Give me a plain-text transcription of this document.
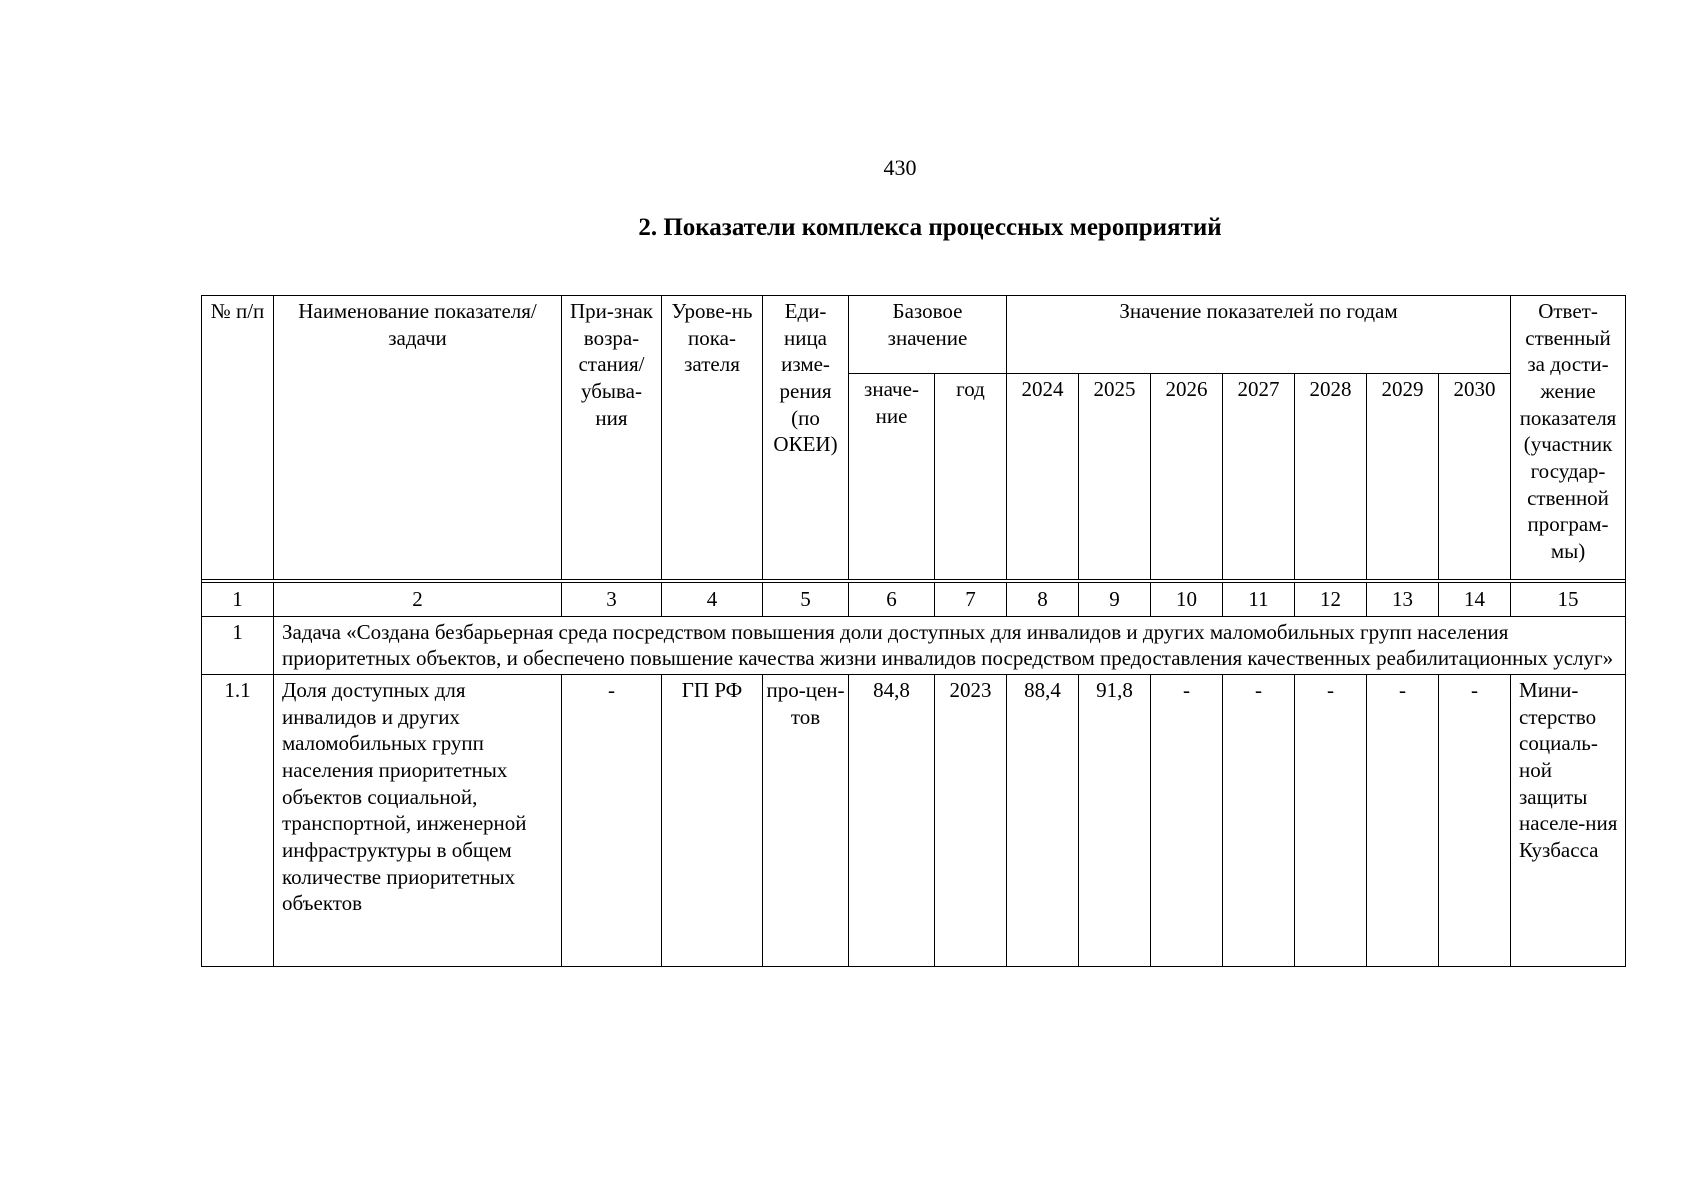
430
2. Показатели комплекса процессных мероприятий
№ п/п	Наименование показателя/задачи	При-знак возра-стания/ убыва-ния	Урове-нь пока-зателя	Еди-ница изме-рения (по ОКЕИ)	Базовое значение		Значение показателей по годам							Ответ-ственный за дости-жение показателя (участник государ-ственной програм-мы)
					значе-ние	год	2024	2025	2026	2027	2028	2029	2030	

1	2	3	4	5	6	7	8	9	10	11	12	13	14	15
1	Задача «Создана безбарьерная среда посредством повышения доли доступных для инвалидов и других маломобильных групп населения приоритетных объектов, и обеспечено повышение качества жизни инвалидов посредством предоставления качественных реабилитационных услуг»													
1.1	Доля доступных для инвалидов и других маломобильных групп населения приоритетных объектов социальной, транспортной, инженерной инфраструктуры в общем количестве приоритетных объектов	-	ГП РФ	про-цен-тов	84,8	2023	88,4	91,8	-	-	-	-	-	Мини-стерство социаль-ной защиты населе-ния Кузбасса
